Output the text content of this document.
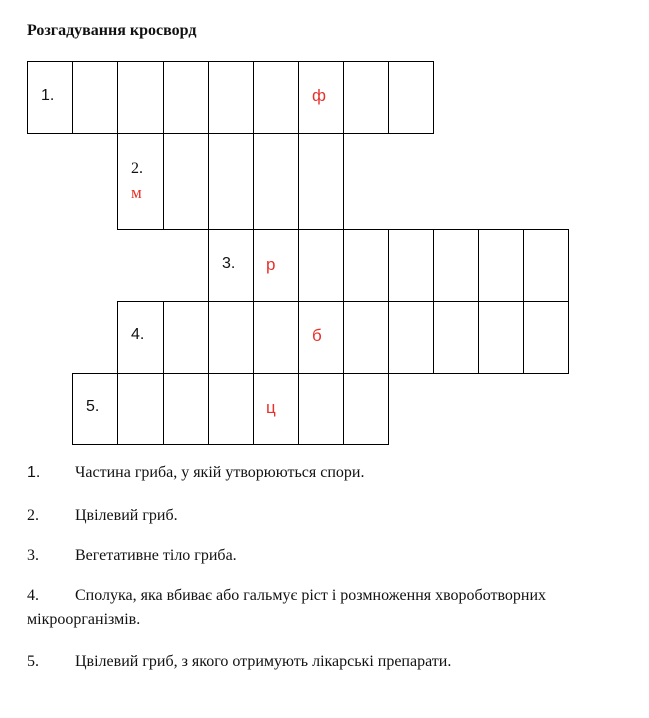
Розгадування кросворд
1.
2.
3.
4.
5.
ф
м
р
б
ц
1. Частина гриба, у якій утворюються спори.
2. Цвілевий гриб.
3. Вегетативне тіло гриба.
4. Сполука, яка вбиває або гальмує ріст і розмноження хвороботворних мікроорганізмів.
5. Цвілевий гриб, з якого отримують лікарські препарати.
